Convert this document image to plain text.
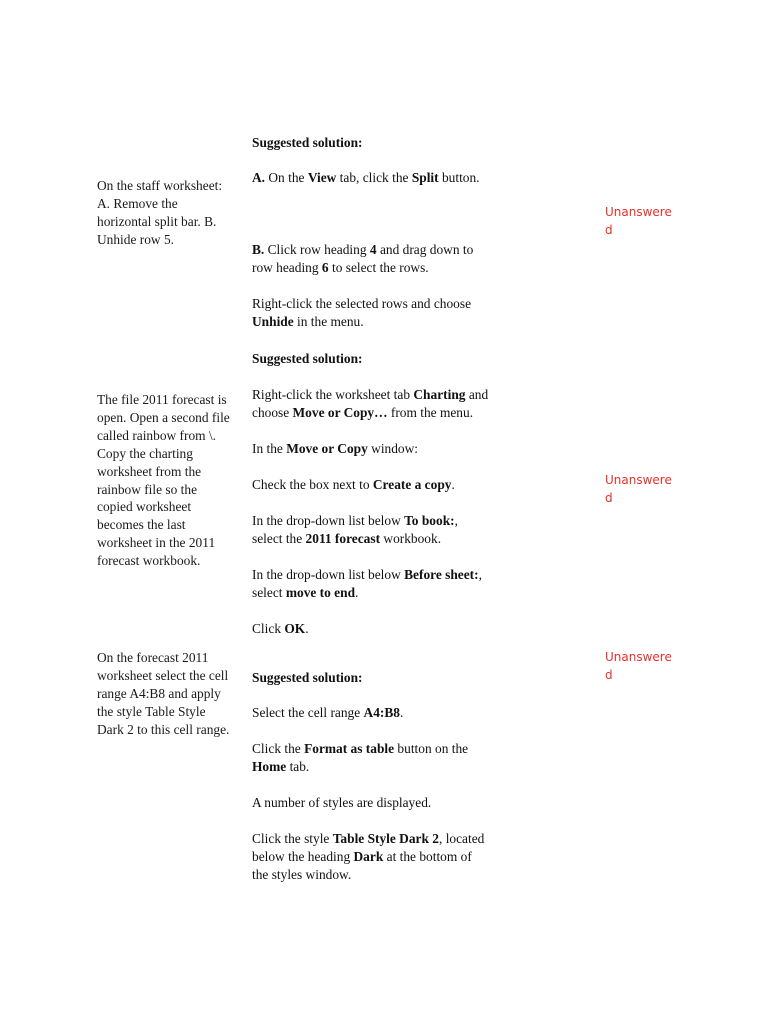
On the staff worksheet: A. Remove the horizontal split bar. B. Unhide row 5.
Suggested solution:
A. On the View tab, click the Split button.
B. Click row heading 4 and drag down to
row heading 6 to select the rows.
Right-click the selected rows and choose
Unhide in the menu.
Unanswered
The file 2011 forecast is open. Open a second file called rainbow from \. Copy the charting worksheet from the rainbow file so the copied worksheet becomes the last worksheet in the 2011 forecast workbook.
Suggested solution:
Right-click the worksheet tab Charting and
choose Move or Copy… from the menu.
In the Move or Copy window:
Check the box next to Create a copy.
In the drop-down list below To book:,
select the 2011 forecast workbook.
In the drop-down list below Before sheet:,
select move to end.
Click OK.
Unanswered
On the forecast 2011 worksheet select the cell range A4:B8 and apply the style Table Style Dark 2 to this cell range.
Suggested solution:
Select the cell range A4:B8.
Click the Format as table button on the
Home tab.
A number of styles are displayed.
Click the style Table Style Dark 2, located
below the heading Dark at the bottom of
the styles window.
Unanswered
